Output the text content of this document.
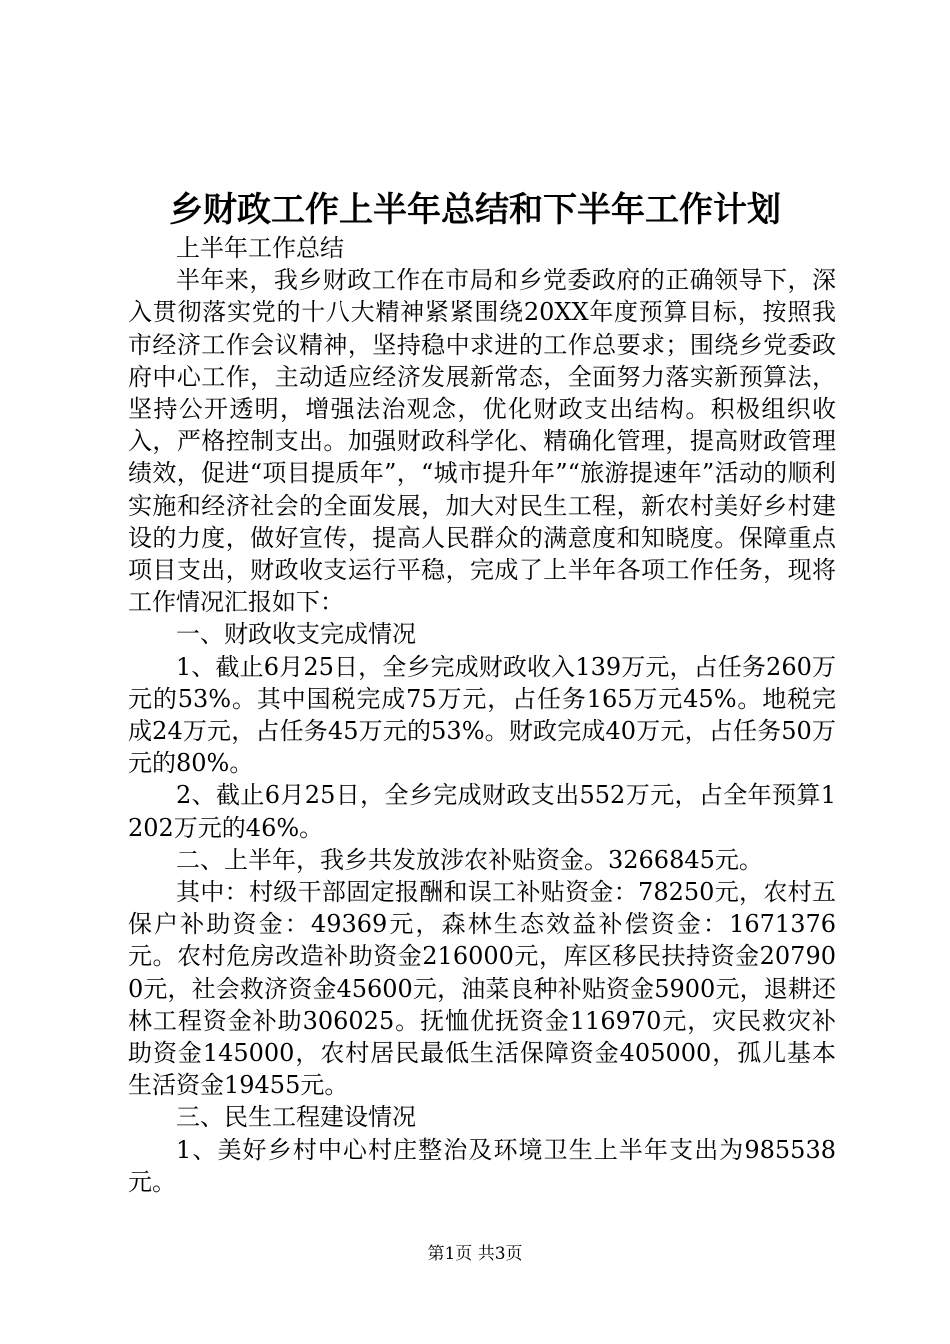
乡财政工作上半年总结和下半年工作计划

上半年工作总结

半年来，我乡财政工作在市局和乡党委政府的正确领导下，深入贯彻落实党的十八大精神紧紧围绕20XX年度预算目标，按照我市经济工作会议精神，坚持稳中求进的工作总要求；围绕乡党委政府中心工作，主动适应经济发展新常态，全面努力落实新预算法，坚持公开透明，增强法治观念，优化财政支出结构。积极组织收入，严格控制支出。加强财政科学化、精确化管理，提高财政管理绩效，促进“项目提质年”，“城市提升年”“旅游提速年”活动的顺利实施和经济社会的全面发展，加大对民生工程，新农村美好乡村建设的力度，做好宣传，提高人民群众的满意度和知晓度。保障重点项目支出，财政收支运行平稳，完成了上半年各项工作任务，现将工作情况汇报如下：

一、财政收支完成情况

1、截止6月25日，全乡完成财政收入139万元，占任务260万元的53%。其中国税完成75万元，占任务165万元45%。地税完成24万元，占任务45万元的53%。财政完成40万元，占任务50万元的80%。

2、截止6月25日，全乡完成财政支出552万元，占全年预算1202万元的46%。

二、上半年，我乡共发放涉农补贴资金。3266845元。

其中：村级干部固定报酬和误工补贴资金：78250元，农村五保户补助资金：49369元，森林生态效益补偿资金：1671376元。农村危房改造补助资金216000元，库区移民扶持资金207900元，社会救济资金45600元，油菜良种补贴资金5900元，退耕还林工程资金补助306025。抚恤优抚资金116970元，灾民救灾补助资金145000，农村居民最低生活保障资金405000，孤儿基本生活资金19455元。

三、民生工程建设情况

1、美好乡村中心村庄整治及环境卫生上半年支出为985538元。

第1页 共3页
